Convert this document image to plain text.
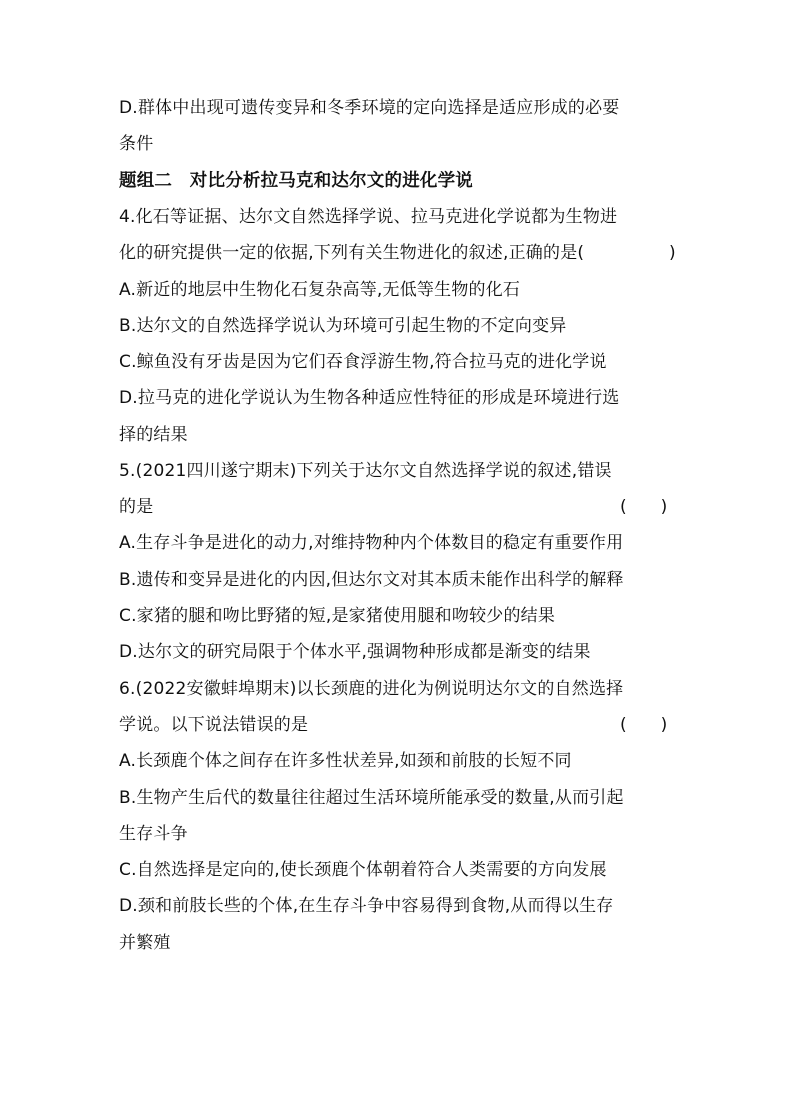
D.群体中出现可遗传变异和冬季环境的定向选择是适应形成的必要
条件
题组二　对比分析拉马克和达尔文的进化学说
4.化石等证据、达尔文自然选择学说、拉马克进化学说都为生物进
化的研究提供一定的依据,下列有关生物进化的叙述,正确的是(	)
A.新近的地层中生物化石复杂高等,无低等生物的化石
B.达尔文的自然选择学说认为环境可引起生物的不定向变异
C.鲸鱼没有牙齿是因为它们吞食浮游生物,符合拉马克的进化学说
D.拉马克的进化学说认为生物各种适应性特征的形成是环境进行选
择的结果
5.(2021四川遂宁期末)下列关于达尔文自然选择学说的叙述,错误
的是	(　　)
A.生存斗争是进化的动力,对维持物种内个体数目的稳定有重要作用
B.遗传和变异是进化的内因,但达尔文对其本质未能作出科学的解释
C.家猪的腿和吻比野猪的短,是家猪使用腿和吻较少的结果
D.达尔文的研究局限于个体水平,强调物种形成都是渐变的结果
6.(2022安徽蚌埠期末)以长颈鹿的进化为例说明达尔文的自然选择
学说。以下说法错误的是	(　　)
A.长颈鹿个体之间存在许多性状差异,如颈和前肢的长短不同
B.生物产生后代的数量往往超过生活环境所能承受的数量,从而引起
生存斗争
C.自然选择是定向的,使长颈鹿个体朝着符合人类需要的方向发展
D.颈和前肢长些的个体,在生存斗争中容易得到食物,从而得以生存
并繁殖
